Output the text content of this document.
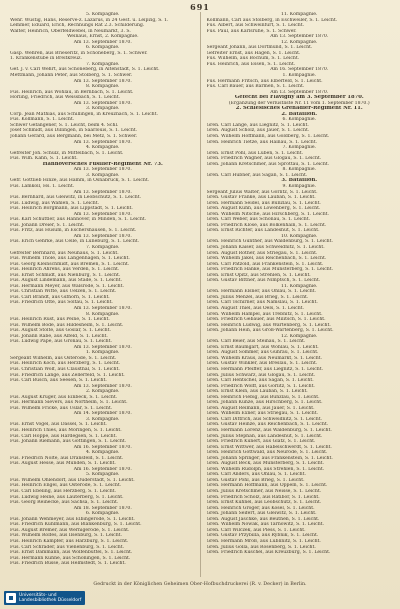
691
5. Kompagnie.
Wehr. Wustig, Hans, Reserve-z. Lazarus, in 24 Gest. u. Leipzig, S. 1.
Lemmer, Eduard, Erich, Rechnungs Rat 2.3. Schilderung.
Walter, Heinrich, Oberfeldwebel, in Neumarkt, 3. S.
Weinaus, Ernst, 2. Kompagnie.
Am 13. September 1870.
6. Kompagnie.
Gasp. Wehren, aus Brieseritz, in Schöneberg, S. 1. Schwer.
1. Krankenstube in Breitkreuz.
7. Kompagnie.
Gef. J. v. Carl Wehrt, aus Schöneberg, in Altenstadt, S. 1. Leicht.
Mettmann, Johann Peter, aus Stolberg, S. 1. Schwer.
Am 13. September 1870.
8. Kompagnie.
Füs. Heinrich, aus Wohlau, in Bernbach, S. 1. Leicht.
Hörling, Friedrich, aus Weissbach, S. 1. Leicht.
Am 13. September 1870.
3. Kompagnie.
Corp. Jean Mathias, aus Schillingen, in Kreuznach, S. 1. Leicht.
Füs. Kollmann, S. 1. Leicht.
Schwer Gefangener, S. 1. Leicht, beim 4. Schl.
Josef Schmidt, aus Dillingen, in Saarlouis, S. 1. Leicht.
Johann Gerard, aus Bergmann, bei Metz, S. 1. Schwer.
Am 13. September 1870.
4. Kompagnie.
Gefreiter Joh. Schulz, in Mittelbach, S. 1. Leicht.
Füs. Wilh. Kahn, S. 1. Leicht.
Hannoversches Füsilier-Regiment Nr. 73.
Am 13. September 1870.
3. Kompagnie.
Gefr. Gottlieb Hinze, aus Hamm, in Osnabrück, S. 1. Leicht.
Füs. Lamkoll, Hs. 1. Leicht.
Am 13. September 1870.
Füs. Bernhard, aus Gleiwitz, in Leobschütz, S. 1. Leicht.
Füs. Ludwig, aus Wahlen, S. 1. Leicht.
Füs. Heinrich Borgmann, aus Lippstadt, S. 1. Leicht.
Am 13. September 1870.
Füs. Karl Schüttler, aus Hannover, in Minden, S. 1. Leicht.
Füs. Johann Dreier, S. 1. Leicht.
Füs. Fritz, aus Husum, in Eschershausen, S. 1. Leicht.
Am 13. September 1870.
Füs. Erich Gehrke, aus Celle, in Lüneburg, S. 1. Leicht.
7. Kompagnie.
Gefreiter Bernhard, aus Neuhaus, S. 1. Leicht.
Füs. Wilhelm Thöle, aus Langenhagen, S. 1. Leicht.
Füs. Georg Kleinschmidt, aus Bremen, S. 1. Leicht.
Füs. Heinrich Ahrens, aus Verden, S. 1. Leicht.
Füs. Ernst Schmidt, aus Nienburg, S. 1. Leicht.
Füs. August Lindemann, aus Stade, S. 1. Leicht.
Füs. Hermann Meyer, aus Walsrode, S. 1. Leicht.
Füs. Christian Witte, aus Uelzen, S. 1. Leicht.
Füs. Carl Brandt, aus Gifhorn, S. 1. Leicht.
Füs. Friedrich Otte, aus Soltau, S. 1. Leicht.
Am 13. September 1870.
8. Kompagnie.
Füs. Heinrich Rust, aus Peine, S. 1. Leicht.
Füs. Wilhelm Bode, aus Hildesheim, S. 1. Leicht.
Füs. August Stolte, aus Goslar, S. 1. Leicht.
Füs. Johann Rabe, aus Alfeld, S. 1. Leicht.
Füs. Ludwig Pape, aus Gronau, S. 1. Leicht.
Am 13. September 1870.
1. Kompagnie.
Sergeant Wilhelm, aus Osterode, S. 1. Leicht.
Füs. Heinrich Koch, aus Herzberg, S. 1. Leicht.
Füs. Christian Wolf, aus Clausthal, S. 1. Leicht.
Füs. Friedrich Lange, aus Zellerfeld, S. 1. Leicht.
Füs. Carl Busch, aus Seesen, S. 1. Leicht.
Am 13. September 1870.
2. Kompagnie.
Füs. August Krüger, aus Einbeck, S. 1. Leicht.
Füs. Hermann Sievers, aus Northeim, S. 1. Leicht.
Füs. Wilhelm Fricke, aus Uslar, S. 1. Leicht.
Am 14. September 1870.
3. Kompagnie.
Füs. Ernst Vogel, aus Dassel, S. 1. Leicht.
Füs. Heinrich Thies, aus Moringen, S. 1. Leicht.
Füs. Carl Hoppe, aus Hardegsen, S. 1. Leicht.
Füs. Johann Riemann, aus Göttingen, S. 1. Leicht.
Am 16. September 1870.
4. Kompagnie.
Füs. Friedrich Nolte, aus Dransfeld, S. 1. Leicht.
Füs. August Hesse, aus Münden, S. 1. Leicht.
Am 16. September 1870.
5. Kompagnie.
Füs. Wilhelm Ohlendorf, aus Duderstadt, S. 1. Leicht.
Füs. Heinrich Engel, aus Osterode, S. 1. Leicht.
Füs. Carl Ebeling, aus Herzberg, S. 1. Leicht.
Füs. Ludwig Heine, aus Lauterberg, S. 1. Leicht.
Füs. Georg Reinecke, aus Sachsa, S. 1. Leicht.
Am 18. September 1870.
6. Kompagnie.
Füs. Johann Wehmeyer, aus Elbingerode, S. 1. Leicht.
Füs. Friedrich Kuhlmann, aus Blankenburg, S. 1. Leicht.
Füs. August Bremer, aus Wernigerode, S. 1. Leicht.
Füs. Wilhelm Rolfes, aus Ilsenburg, S. 1. Leicht.
Füs. Heinrich Kämpfer, aus Harzburg, S. 1. Leicht.
Füs. Carl Schrader, aus Vienenburg, S. 1. Leicht.
Füs. Ernst Dammann, aus Wolfenbüttel, S. 1. Leicht.
Füs. Hermann Kühne, aus Schöningen, S. 1. Leicht.
Füs. Friedrich Busse, aus Helmstedt, S. 1. Leicht.
11. Kompagnie.
Kollmann, Carl aus Stolberg, in Eschweiler, S. 1. Leicht.
Füs. Albert, aus Schweinfurt, S. 1. Leicht.
Füs. Paul, aus Karlsruhe, S. 1. Schwer.
Am 13. September 1870.
12. Kompagnie.
Sergeant Johann, aus Dortmund, S. 1. Leicht.
Gefreiter Ernst, aus Hagen, S. 1. Leicht.
Füs. Wilhelm, aus Bochum, S. 1. Leicht.
Füs. Heinrich, aus Essen, S. 1. Leicht.
Am 16. September 1870.
1. Kompagnie.
Füs. Hermann Fritsch, aus Elberfeld, S. 1. Leicht.
Füs. Carl Bauer, aus Barmen, S. 1. Leicht.
Am 13. September 1870.
Gefecht bei Flavigny am 3. September 1870.
(Ergänzung der Verlustliste Nr. 11 vom 1. September 1870.)
2. Schlesisches Grenadier-Regiment Nr. 11.
2. Bataillon.
6. Kompagnie.
Gren. Carl Lange, aus Liegnitz, S. 1. Leicht.
Gren. August Scholz, aus Jauer, S. 1. Leicht.
Gren. Wilhelm Hoffmann, aus Goldberg, S. 1. Leicht.
Gren. Heinrich Tietze, aus Hainau, S. 1. Leicht.
7. Kompagnie.
Gren. Ernst Pohl, aus Lüben, S. 1. Leicht.
Gren. Friedrich Wagner, aus Glogau, S. 1. Leicht.
Gren. Johann Kretschmer, aus Sprottau, S. 1. Leicht.
8. Kompagnie.
Gren. Carl Hübner, aus Sagan, S. 1. Leicht.
3. Bataillon.
9. Kompagnie.
Sergeant Julius Walter, aus Görlitz, S. 1. Leicht.
Gren. Gustav Franke, aus Lauban, S. 1. Leicht.
Gren. Hermann Seidel, aus Bunzlau, S. 1. Leicht.
Gren. August Kühn, aus Löwenberg, S. 1. Leicht.
Gren. Wilhelm Nitsche, aus Hirschberg, S. 1. Leicht.
Gren. Carl Weber, aus Schönau, S. 1. Leicht.
Gren. Friedrich Klose, aus Bolkenhain, S. 1. Leicht.
Gren. Ernst Richter, aus Landeshut, S. 1. Leicht.
10. Kompagnie.
Gren. Heinrich Günther, aus Waldenburg, S. 1. Leicht.
Gren. Johann Kaiser, aus Schweidnitz, S. 1. Leicht.
Gren. August Rother, aus Striegau, S. 1. Leicht.
Gren. Wilhelm Jäkel, aus Reichenbach, S. 1. Leicht.
Gren. Carl Pätzold, aus Frankenstein, S. 1. Leicht.
Gren. Friedrich Hanke, aus Münsterberg, S. 1. Leicht.
Gren. Ernst Opitz, aus Strehlen, S. 1. Leicht.
Gren. Gustav Bittner, aus Nimptsch, S. 1. Leicht.
11. Kompagnie.
Gren. Hermann Elsner, aus Ohlau, S. 1. Leicht.
Gren. Julius Menzel, aus Brieg, S. 1. Leicht.
Gren. Carl Tschirner, aus Namslau, S. 1. Leicht.
Gren. August Thiel, aus Oels, S. 1. Leicht.
Gren. Wilhelm Hampel, aus Trebnitz, S. 1. Leicht.
Gren. Friedrich Gebauer, aus Militsch, S. 1. Leicht.
Gren. Heinrich Ludwig, aus Wartenberg, S. 1. Leicht.
Gren. Johann Hein, aus Groß-Wartenberg, S. 1. Leicht.
12. Kompagnie.
Gren. Carl Beier, aus Steinau, S. 1. Leicht.
Gren. Ernst Baumgart, aus Wohlau, S. 1. Leicht.
Gren. August Sommer, aus Guhrau, S. 1. Leicht.
Gren. Wilhelm Kraus, aus Neumarkt, S. 1. Leicht.
Gren. Gustav Winkler, aus Breslau, S. 1. Leicht.
Gren. Hermann Pfeiffer, aus Liegnitz, S. 1. Leicht.
Gren. Julius Schwarz, aus Glogau, S. 1. Leicht.
Gren. Carl Hentschel, aus Sagan, S. 1. Leicht.
Gren. Friedrich Wolff, aus Görlitz, S. 1. Leicht.
Gren. Ernst Klein, aus Lauban, S. 1. Leicht.
Gren. Heinrich Fiebig, aus Bunzlau, S. 1. Leicht.
Gren. Johann Kunze, aus Hirschberg, S. 1. Leicht.
Gren. August Reimann, aus Jauer, S. 1. Leicht.
Gren. Wilhelm Exner, aus Striegau, S. 1. Leicht.
Gren. Carl Dittrich, aus Schweidnitz, S. 1. Leicht.
Gren. Gustav Heinze, aus Reichenbach, S. 1. Leicht.
Gren. Hermann Lorenz, aus Waldenburg, S. 1. Leicht.
Gren. Julius Stephan, aus Landeshut, S. 1. Leicht.
Gren. Friedrich Kunert, aus Glatz, S. 1. Leicht.
Gren. Ernst Wittwer, aus Habelschwerdt, S. 1. Leicht.
Gren. Heinrich Gottwald, aus Neurode, S. 1. Leicht.
Gren. Johann Springer, aus Frankenstein, S. 1. Leicht.
Gren. August Beck, aus Münsterberg, S. 1. Leicht.
Gren. Wilhelm Rudolph, aus Strehlen, S. 1. Leicht.
Gren. Carl Anders, aus Ohlau, S. 1. Leicht.
Gren. Gustav Pohl, aus Brieg, S. 1. Leicht.
Gren. Hermann Hoffmann, aus Oppeln, S. 1. Leicht.
Gren. Julius Kretschmer, aus Neisse, S. 1. Leicht.
Gren. Friedrich Scholz, aus Ratibor, S. 1. Leicht.
Gren. Ernst Kühnel, aus Leobschütz, S. 1. Leicht.
Gren. Heinrich Gröger, aus Kosel, S. 1. Leicht.
Gren. Johann Seifert, aus Gleiwitz, S. 1. Leicht.
Gren. August Jäschke, aus Beuthen, S. 1. Leicht.
Gren. Wilhelm Nowak, aus Tarnowitz, S. 1. Leicht.
Gren. Carl Wilczek, aus Pless, S. 1. Leicht.
Gren. Gustav Przybilla, aus Rybnik, S. 1. Leicht.
Gren. Hermann Mroß, aus Lublinitz, S. 1. Leicht.
Gren. Julius Golla, aus Rosenberg, S. 1. Leicht.
Gren. Friedrich Kuschel, aus Kreuzburg, S. 1. Leicht.
Gedruckt in der Königlichen Geheimen Ober-Hofbuchdruckerei (R. v. Decker) in Berlin.
Universitäts- und
Landesbibliothek Düsseldorf
